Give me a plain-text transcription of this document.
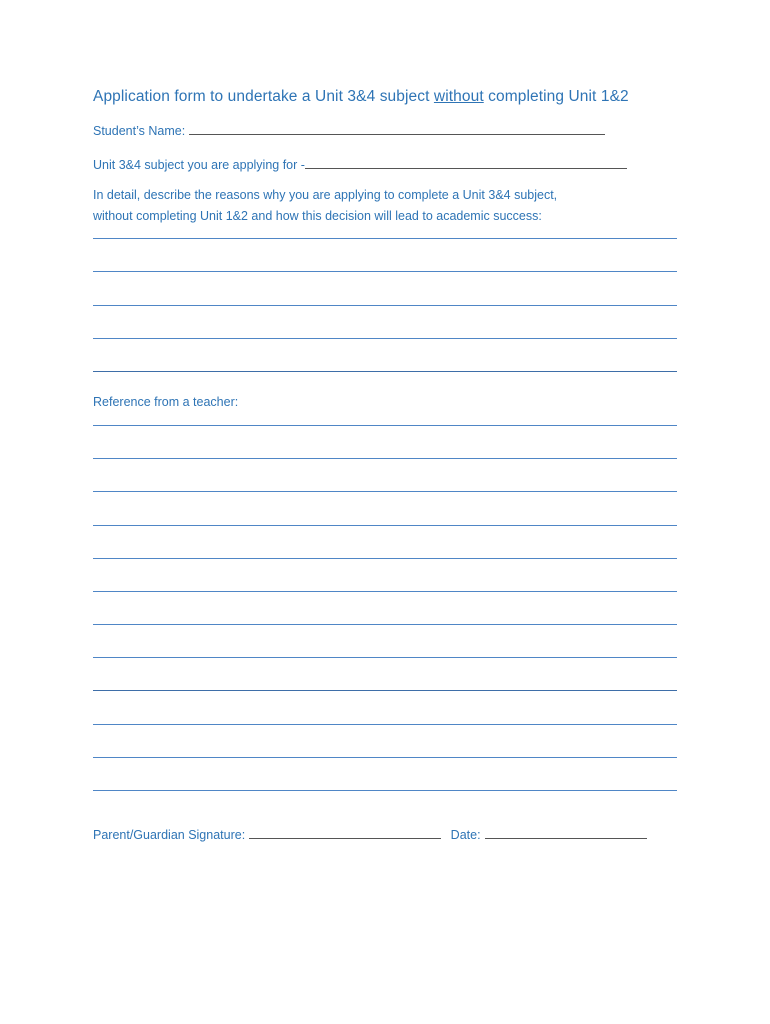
Application form to undertake a Unit 3&4 subject without completing Unit 1&2
Student’s Name:
Unit 3&4 subject you are applying for -
In detail, describe the reasons why you are applying to complete a Unit 3&4 subject,
without completing Unit 1&2 and how this decision will lead to academic success:
Reference from a teacher:
Parent/Guardian Signature:	Date:
